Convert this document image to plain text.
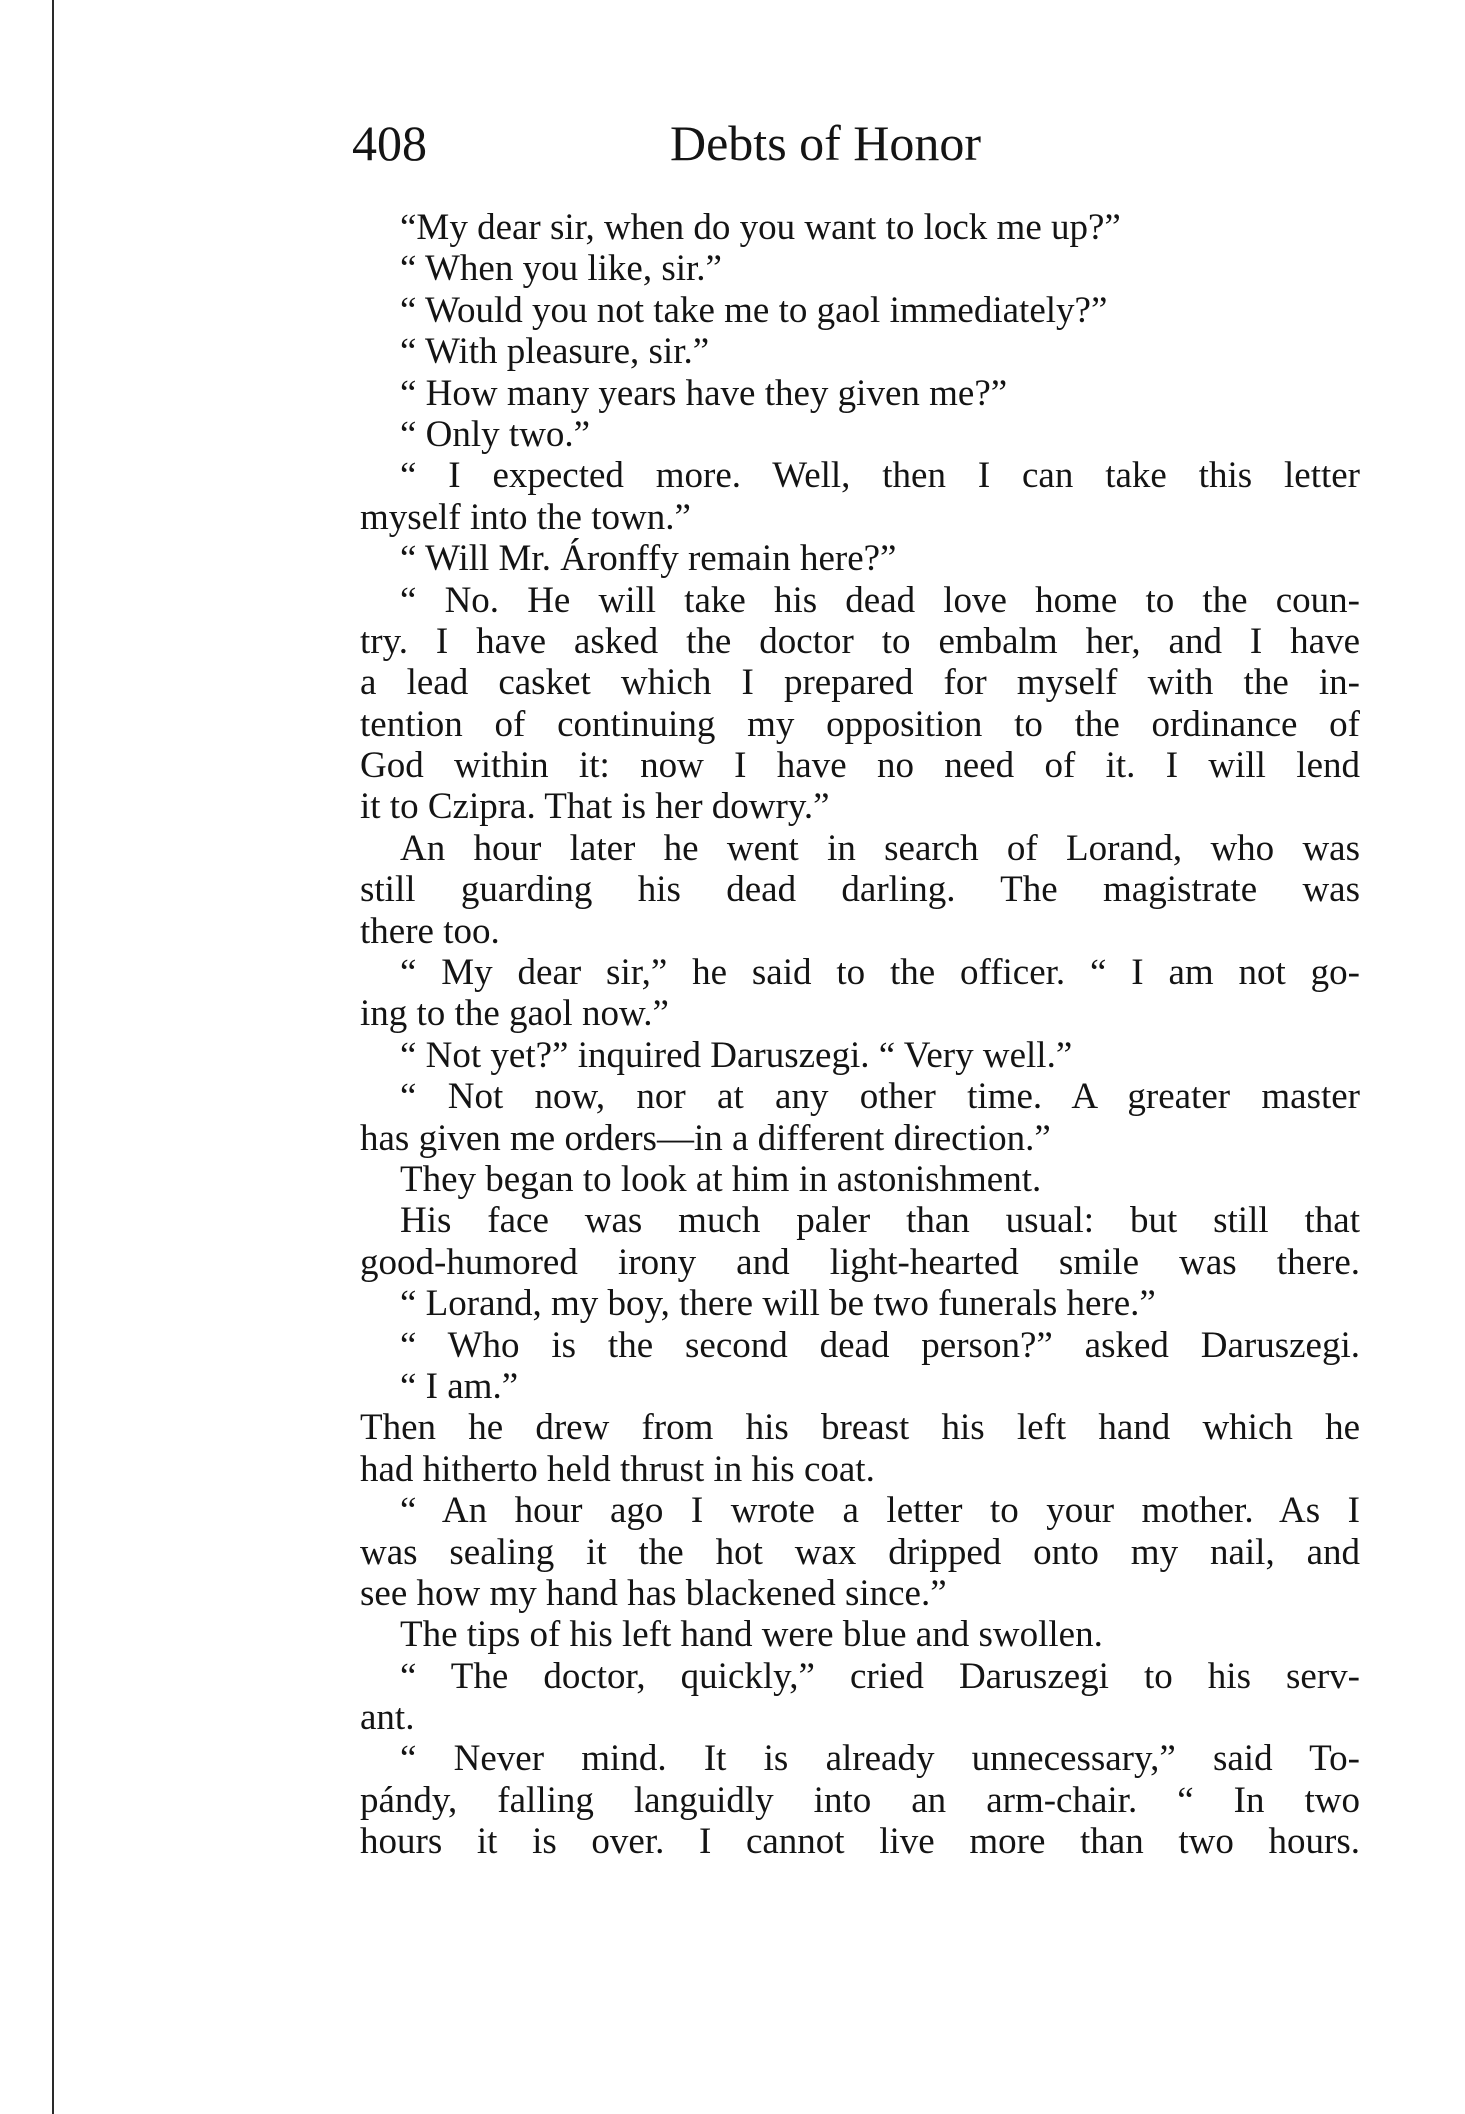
408	Debts of Honor
“My dear sir, when do you want to lock me up?”
“ When you like, sir.”
“ Would you not take me to gaol immediately?”
“ With pleasure, sir.”
“ How many years have they given me?”
“ Only two.”
“ I expected more. Well, then I can take this letter
myself into the town.”
“ Will Mr. Áronffy remain here?”
“ No. He will take his dead love home to the coun-
try. I have asked the doctor to embalm her, and I have
a lead casket which I prepared for myself with the in-
tention of continuing my opposition to the ordinance of
God within it: now I have no need of it. I will lend
it to Czipra. That is her dowry.”
An hour later he went in search of Lorand, who was
still guarding his dead darling. The magistrate was
there too.
“ My dear sir,” he said to the officer. “ I am not go-
ing to the gaol now.”
“ Not yet?” inquired Daruszegi. “ Very well.”
“ Not now, nor at any other time. A greater master
has given me orders—in a different direction.”
They began to look at him in astonishment.
His face was much paler than usual: but still that
good-humored irony and light-hearted smile was there.
“ Lorand, my boy, there will be two funerals here.”
“ Who is the second dead person?” asked Daruszegi.
“ I am.”
Then he drew from his breast his left hand which he
had hitherto held thrust in his coat.
“ An hour ago I wrote a letter to your mother. As I
was sealing it the hot wax dripped onto my nail, and
see how my hand has blackened since.”
The tips of his left hand were blue and swollen.
“ The doctor, quickly,” cried Daruszegi to his serv-
ant.
“ Never mind. It is already unnecessary,” said To-
pándy, falling languidly into an arm-chair. “ In two
hours it is over. I cannot live more than two hours.
